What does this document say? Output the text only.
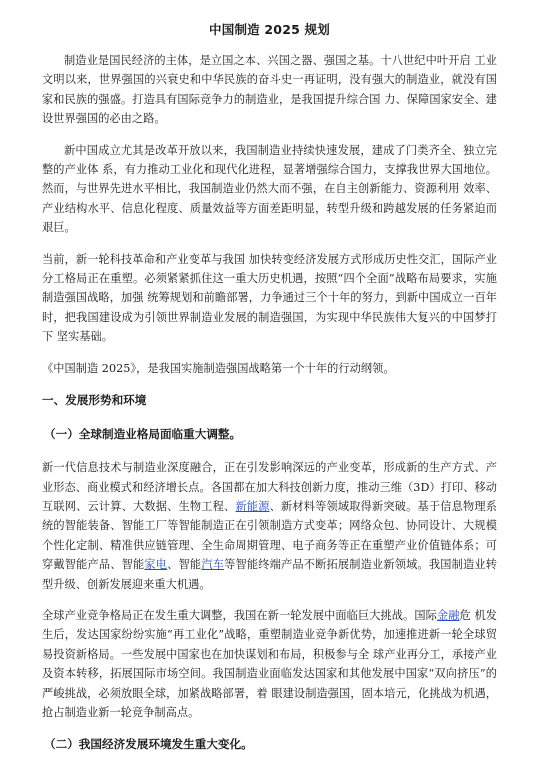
中国制造 2025 规划

制造业是国民经济的主体，是立国之本、兴国之器、强国之基。十八世纪中叶开启 工业文明以来，世界强国的兴衰史和中华民族的奋斗史一再证明，没有强大的制造业，就没有国家和民族的强盛。打造具有国际竞争力的制造业，是我国提升综合国 力、保障国家安全、建设世界强国的必由之路。

新中国成立尤其是改革开放以来，我国制造业持续快速发展，建成了门类齐全、独立完整的产业体 系，有力推动工业化和现代化进程，显著增强综合国力，支撑我世界大国地位。然而，与世界先进水平相比，我国制造业仍然大而不强，在自主创新能力、资源利用 效率、产业结构水平、信息化程度、质量效益等方面差距明显，转型升级和跨越发展的任务紧迫而艰巨。

当前，新一轮科技革命和产业变革与我国 加快转变经济发展方式形成历史性交汇，国际产业分工格局正在重塑。必须紧紧抓住这一重大历史机遇，按照“四个全面”战略布局要求，实施制造强国战略，加强 统筹规划和前瞻部署，力争通过三个十年的努力，到新中国成立一百年时，把我国建设成为引领世界制造业发展的制造强国，为实现中华民族伟大复兴的中国梦打下 坚实基础。

《中国制造 2025》，是我国实施制造强国战略第一个十年的行动纲领。

一、发展形势和环境
（一）全球制造业格局面临重大调整。

新一代信息技术与制造业深度融合，正在引发影响深远的产业变革，形成新的生产方式、产业形态、商业模式和经济增长点。各国都在加大科技创新力度，推动三维（3D）打印、移动互联网、云计算、大数据、生物工程、新能源、新材料等领域取得新突破。基于信息物理系统的智能装备、智能工厂等智能制造正在引领制造方式变革；网络众包、协同设计、大规模个性化定制、精准供应链管理、全生命周期管理、电子商务等正在重塑产业价值链体系；可穿戴智能产品、智能家电、智能汽车等智能终端产品不断拓展制造业新领域。我国制造业转型升级、创新发展迎来重大机遇。

全球产业竞争格局正在发生重大调整，我国在新一轮发展中面临巨大挑战。国际金融危 机发生后，发达国家纷纷实施“再工业化”战略，重塑制造业竞争新优势，加速推进新一轮全球贸易投资新格局。一些发展中国家也在加快谋划和布局，积极参与全 球产业再分工，承接产业及资本转移，拓展国际市场空间。我国制造业面临发达国家和其他发展中国家“双向挤压”的严峻挑战，必须放眼全球，加紧战略部署，着 眼建设制造强国，固本培元，化挑战为机遇，抢占制造业新一轮竞争制高点。

（二）我国经济发展环境发生重大变化。
